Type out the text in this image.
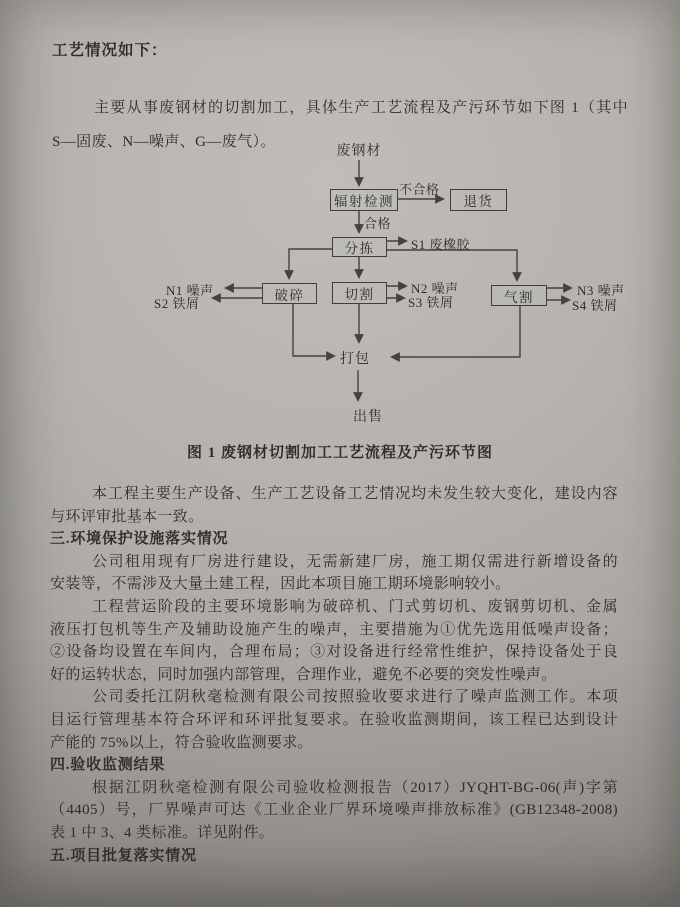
工艺情况如下：
主要从事废钢材的切割加工，具体生产工艺流程及产污环节如下图 1（其中
S—固废、N—噪声、G—废气）。
废钢材
辐射检测
不合格
退货
合格
分拣	S1 废橡胶
破碎	切割	气割
N1 噪声
S2 铁屑
N2 噪声
S3 铁屑
N3 噪声
S4 铁屑
打包
出售
图 1 废钢材切割加工工艺流程及产污环节图
本工程主要生产设备、生产工艺设备工艺情况均未发生较大变化，建设内容
与环评审批基本一致。
三.环境保护设施落实情况
公司租用现有厂房进行建设，无需新建厂房，施工期仅需进行新增设备的
安装等，不需涉及大量土建工程，因此本项目施工期环境影响较小。
工程营运阶段的主要环境影响为破碎机、门式剪切机、废钢剪切机、金属
液压打包机等生产及辅助设施产生的噪声，主要措施为①优先选用低噪声设备；
②设备均设置在车间内，合理布局；③对设备进行经常性维护，保持设备处于良
好的运转状态，同时加强内部管理，合理作业，避免不必要的突发性噪声。
公司委托江阴秋毫检测有限公司按照验收要求进行了噪声监测工作。本项
目运行管理基本符合环评和环评批复要求。在验收监测期间，该工程已达到设计
产能的 75%以上，符合验收监测要求。
四.验收监测结果
根据江阴秋毫检测有限公司验收检测报告（2017）JYQHT-BG-06(声)字第
（4405）号，厂界噪声可达《工业企业厂界环境噪声排放标准》(GB12348-2008)
表 1 中 3、4 类标准。详见附件。
五.项目批复落实情况
